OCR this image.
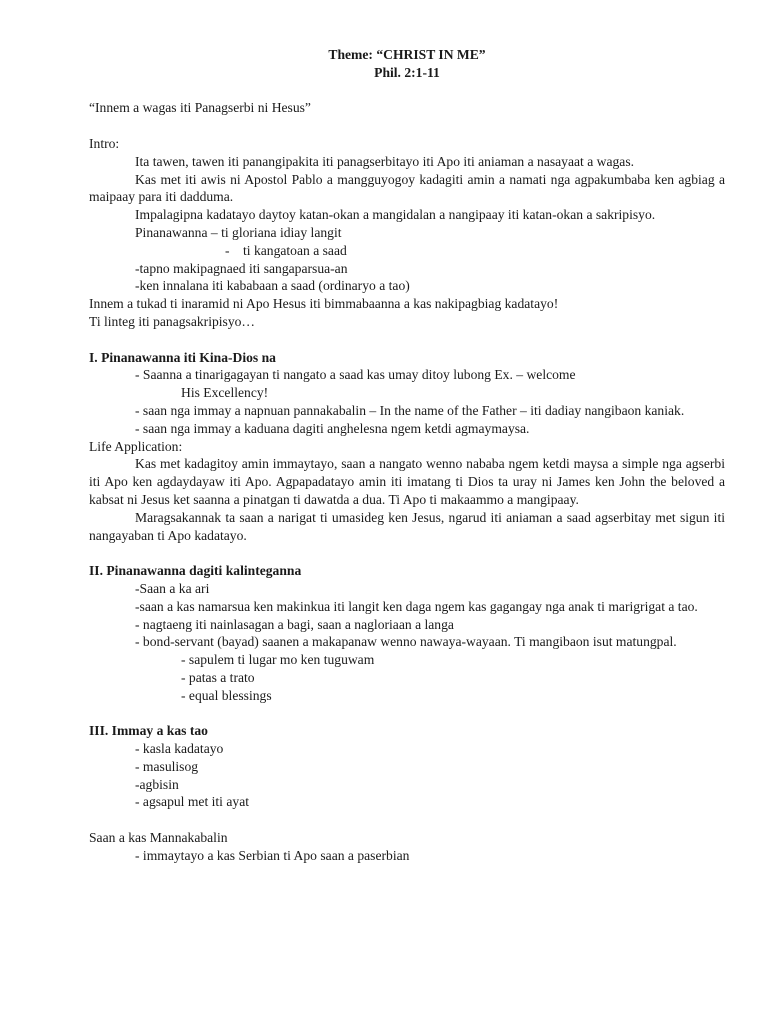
Theme: “CHRIST IN ME”

Phil. 2:1-11

“Innem a wagas iti Panagserbi ni Hesus”

Intro:

Ita tawen, tawen iti panangipakita iti panagserbitayo iti Apo iti aniaman a nasayaat a wagas.

Kas met iti awis ni Apostol Pablo a mangguyogoy kadagiti amin a namati nga agpakumbaba ken agbiag a maipaay para iti dadduma.

Impalagipna kadatayo daytoy katan-okan a mangidalan a nangipaay iti katan-okan a sakripisyo.

Pinanawanna – ti gloriana idiay langit

- ti kangatoan a saad

-tapno makipagnaed iti sangaparsua-an

-ken innalana iti kababaan a saad (ordinaryo a tao)

Innem a tukad ti inaramid ni Apo Hesus iti bimmabaanna a kas nakipagbiag kadatayo!

Ti linteg iti panagsakripisyo…

I. Pinanawanna iti Kina-Dios na

- Saanna a tinarigagayan ti nangato a saad kas umay ditoy lubong Ex. – welcome

His Excellency!

- saan nga immay a napnuan pannakabalin – In the name of the Father – iti dadiay nangibaon kaniak.

- saan nga immay a kaduana dagiti anghelesna ngem ketdi agmaymaysa.

Life Application:

Kas met kadagitoy amin immaytayo, saan a nangato wenno nababa ngem ketdi maysa a simple nga agserbi iti Apo ken agdaydayaw iti Apo. Agpapadatayo amin iti imatang ti Dios ta uray ni James ken John the beloved a kabsat ni Jesus ket saanna a pinatgan ti dawatda a dua. Ti Apo ti makaammo a mangipaay.

Maragsakannak ta saan a narigat ti umasideg ken Jesus, ngarud iti aniaman a saad agserbitay met sigun iti nangayaban ti Apo kadatayo.

II. Pinanawanna dagiti kalinteganna

-Saan a ka ari

-saan a kas namarsua ken makinkua iti langit ken daga ngem kas gagangay nga anak ti marigrigat a tao.

- nagtaeng iti nainlasagan a bagi, saan a nagloriaan a langa

- bond-servant (bayad) saanen a makapanaw wenno nawaya-wayaan. Ti mangibaon isut matungpal.

- sapulem ti lugar mo ken tuguwam

- patas a trato

- equal blessings

III. Immay a kas tao

- kasla kadatayo

- masulisog

-agbisin

- agsapul met iti ayat

Saan a kas Mannakabalin

- immaytayo a kas Serbian ti Apo saan a paserbian
